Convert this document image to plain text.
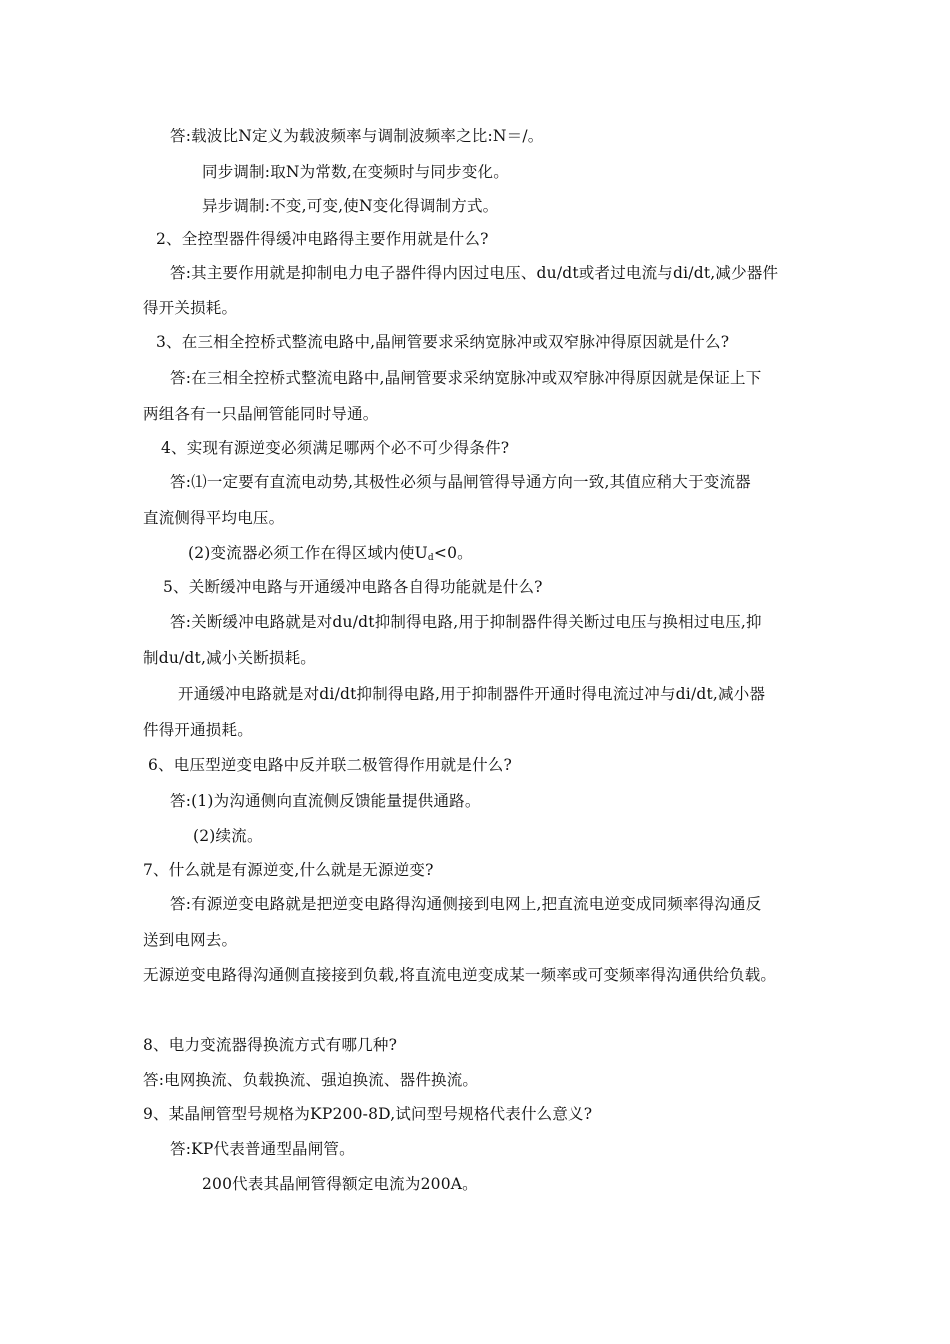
答:载波比N定义为载波频率与调制波频率之比:N＝/。
同步调制:取N为常数,在变频时与同步变化。
异步调制:不变,可变,使N变化得调制方式。
2、全控型器件得缓冲电路得主要作用就是什么?
答:其主要作用就是抑制电力电子器件得内因过电压、du/dt或者过电流与di/dt,减少器件
得开关损耗。
3、在三相全控桥式整流电路中,晶闸管要求采纳宽脉冲或双窄脉冲得原因就是什么?
答:在三相全控桥式整流电路中,晶闸管要求采纳宽脉冲或双窄脉冲得原因就是保证上下
两组各有一只晶闸管能同时导通。
4、实现有源逆变必须满足哪两个必不可少得条件?
答:⑴一定要有直流电动势,其极性必须与晶闸管得导通方向一致,其值应稍大于变流器
直流侧得平均电压。
(2)变流器必须工作在得区域内使$U_d<0$。
5、关断缓冲电路与开通缓冲电路各自得功能就是什么?
答:关断缓冲电路就是对du/dt抑制得电路,用于抑制器件得关断过电压与换相过电压,抑
制du/dt,减小关断损耗。
开通缓冲电路就是对di/dt抑制得电路,用于抑制器件开通时得电流过冲与di/dt,减小器
件得开通损耗。
6、电压型逆变电路中反并联二极管得作用就是什么?
答:(1)为沟通侧向直流侧反馈能量提供通路。
(2)续流。
7、什么就是有源逆变,什么就是无源逆变?
答:有源逆变电路就是把逆变电路得沟通侧接到电网上,把直流电逆变成同频率得沟通反
送到电网去。
无源逆变电路得沟通侧直接接到负载,将直流电逆变成某一频率或可变频率得沟通供给负载。
8、电力变流器得换流方式有哪几种?
答:电网换流、负载换流、强迫换流、器件换流。
9、某晶闸管型号规格为KP200-8D,试问型号规格代表什么意义?
答:KP代表普通型晶闸管。
200代表其晶闸管得额定电流为200A。
